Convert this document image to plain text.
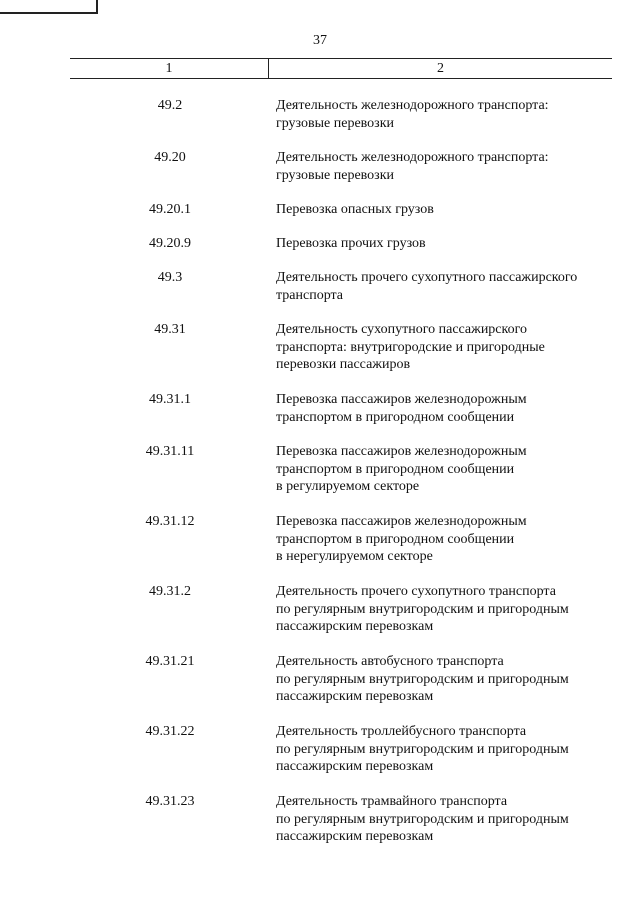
37
1	2
49.2	Деятельность железнодорожного транспорта:
грузовые перевозки
49.20	Деятельность железнодорожного транспорта:
грузовые перевозки
49.20.1	Перевозка опасных грузов
49.20.9	Перевозка прочих грузов
49.3	Деятельность прочего сухопутного пассажирского
транспорта
49.31	Деятельность сухопутного пассажирского
транспорта: внутригородские и пригородные
перевозки пассажиров
49.31.1	Перевозка пассажиров железнодорожным
транспортом в пригородном сообщении
49.31.11	Перевозка пассажиров железнодорожным
транспортом в пригородном сообщении
в регулируемом секторе
49.31.12	Перевозка пассажиров железнодорожным
транспортом в пригородном сообщении
в нерегулируемом секторе
49.31.2	Деятельность прочего сухопутного транспорта
по регулярным внутригородским и пригородным
пассажирским перевозкам
49.31.21	Деятельность автобусного транспорта
по регулярным внутригородским и пригородным
пассажирским перевозкам
49.31.22	Деятельность троллейбусного транспорта
по регулярным внутригородским и пригородным
пассажирским перевозкам
49.31.23	Деятельность трамвайного транспорта
по регулярным внутригородским и пригородным
пассажирским перевозкам
